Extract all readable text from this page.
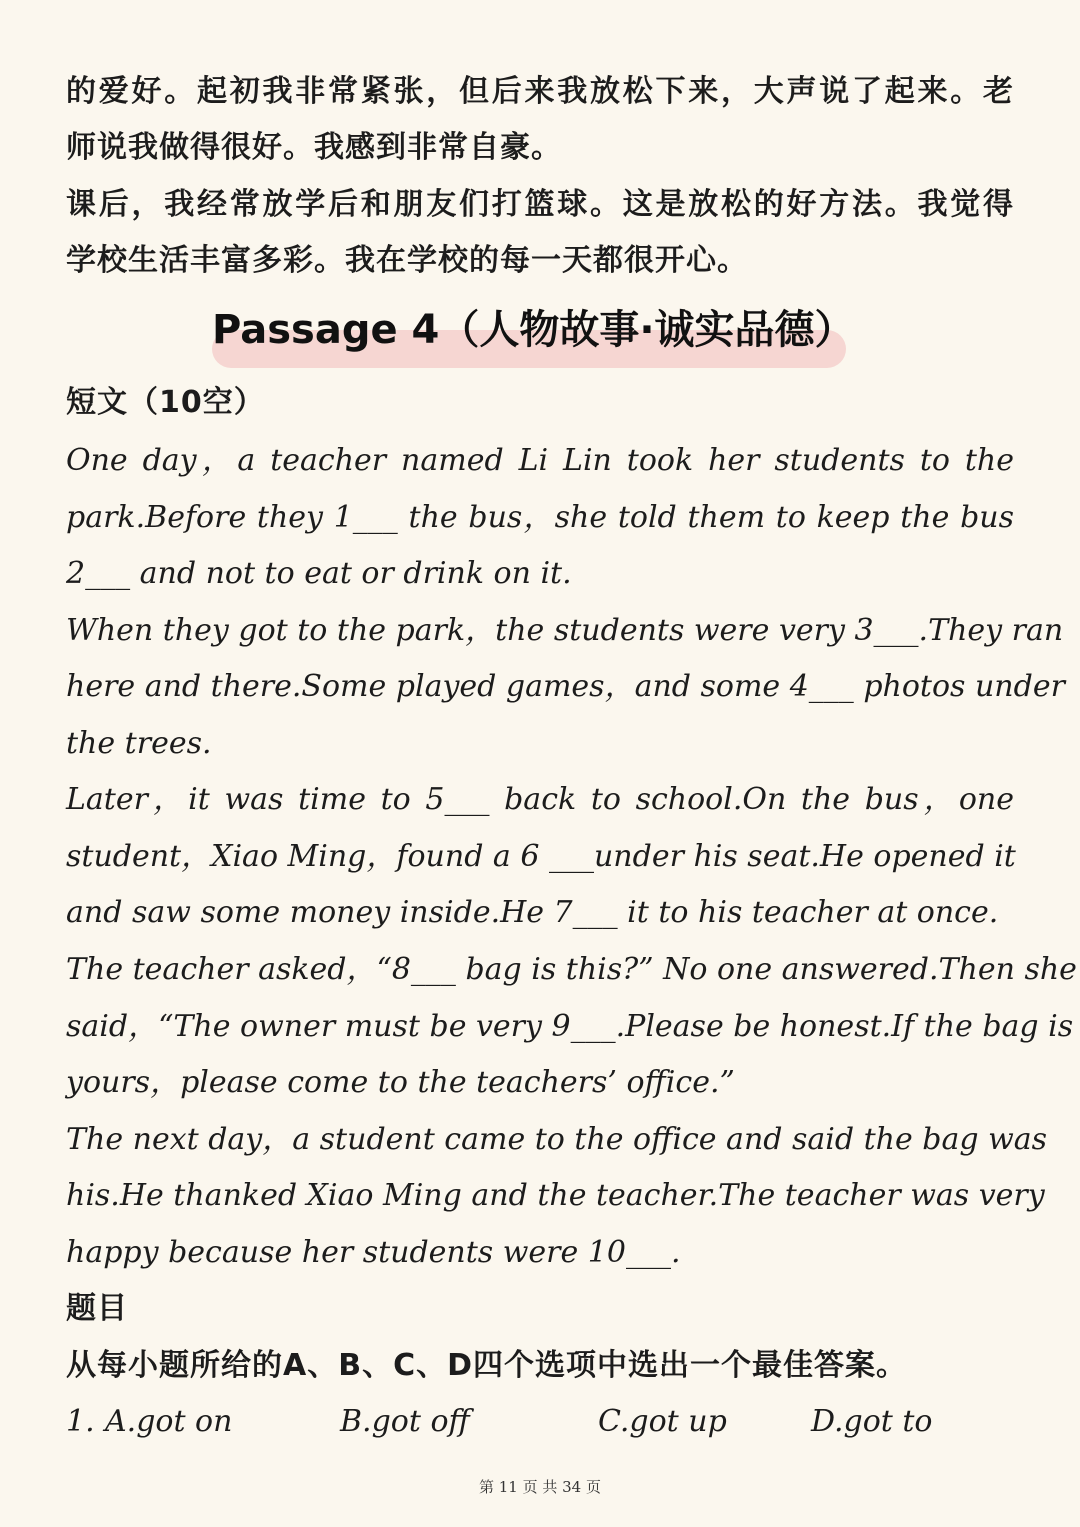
的爱好。起初我非常紧张，但后来我放松下来，大声说了起来。老
师说我做得很好。我感到非常自豪。
课后，我经常放学后和朋友们打篮球。这是放松的好方法。我觉得
学校生活丰富多彩。我在学校的每一天都很开心。
Passage 4（人物故事·诚实品德）
短文（10空）
One day，a teacher named Li Lin took her students to the
park.Before they 1___ the bus，she told them to keep the bus
2___ and not to eat or drink on it.
When they got to the park，the students were very 3___.They ran
here and there.Some played games，and some 4___ photos under
the trees.
Later，it was time to 5___ back to school.On the bus，one
student，Xiao Ming，found a 6 ___under his seat.He opened it
and saw some money inside.He 7___ it to his teacher at once.
The teacher asked，“8___ bag is this?” No one answered.Then she
said，“The owner must be very 9___.Please be honest.If the bag is
yours，please come to the teachers’ office.”
The next day，a student came to the office and said the bag was
his.He thanked Xiao Ming and the teacher.The teacher was very
happy because her students were 10___.
题目
从每小题所给的A、B、C、D四个选项中选出一个最佳答案。
1. A.got on	B.got off	C.got up	D.got to
第 11 页 共 34 页
